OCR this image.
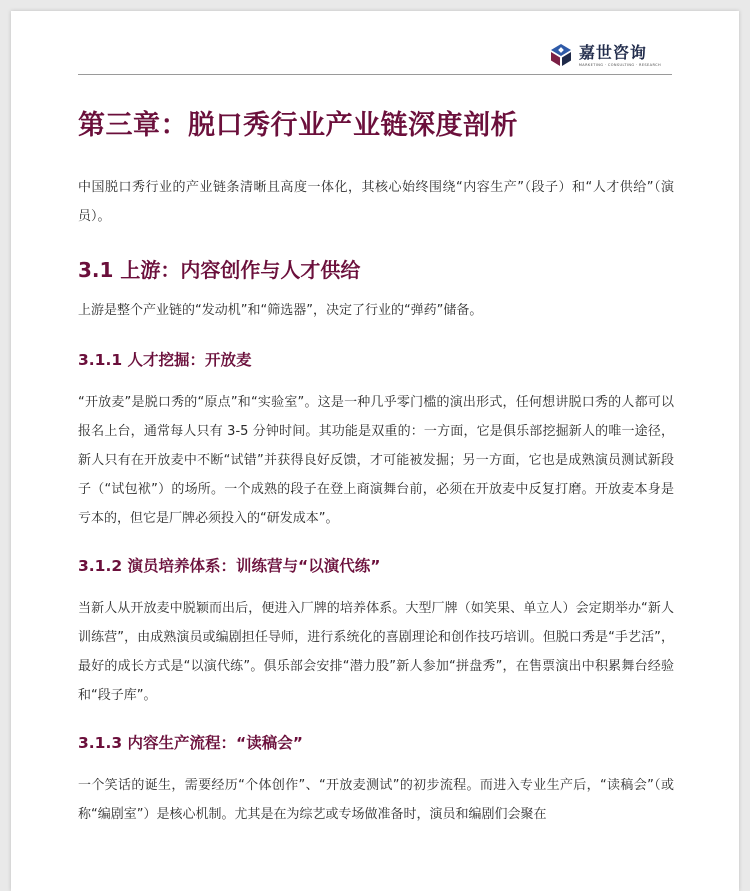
嘉世咨询
MARKETING · CONSULTING · RESEARCH
第三章：脱口秀行业产业链深度剖析

中国脱口秀行业的产业链条清晰且高度一体化，其核心始终围绕“内容生产”（段子）和“人才供给”（演员）。

3.1 上游：内容创作与人才供给

上游是整个产业链的“发动机”和“筛选器”，决定了行业的“弹药”储备。

3.1.1 人才挖掘：开放麦

“开放麦”是脱口秀的“原点”和“实验室”。这是一种几乎零门槛的演出形式，任何想讲脱口秀的人都可以报名上台，通常每人只有 3-5 分钟时间。其功能是双重的：一方面，它是俱乐部挖掘新人的唯一途径，新人只有在开放麦中不断“试错”并获得良好反馈，才可能被发掘；另一方面，它也是成熟演员测试新段子（“试包袱”）的场所。一个成熟的段子在登上商演舞台前，必须在开放麦中反复打磨。开放麦本身是亏本的，但它是厂牌必须投入的“研发成本”。

3.1.2 演员培养体系：训练营与“以演代练”

当新人从开放麦中脱颖而出后，便进入厂牌的培养体系。大型厂牌（如笑果、单立人）会定期举办“新人训练营”，由成熟演员或编剧担任导师，进行系统化的喜剧理论和创作技巧培训。但脱口秀是“手艺活”，最好的成长方式是“以演代练”。俱乐部会安排“潜力股”新人参加“拼盘秀”，在售票演出中积累舞台经验和“段子库”。

3.1.3 内容生产流程：“读稿会”

一个笑话的诞生，需要经历“个体创作”、“开放麦测试”的初步流程。而进入专业生产后，“读稿会”（或称“编剧室”）是核心机制。尤其是在为综艺或专场做准备时，演员和编剧们会聚在
